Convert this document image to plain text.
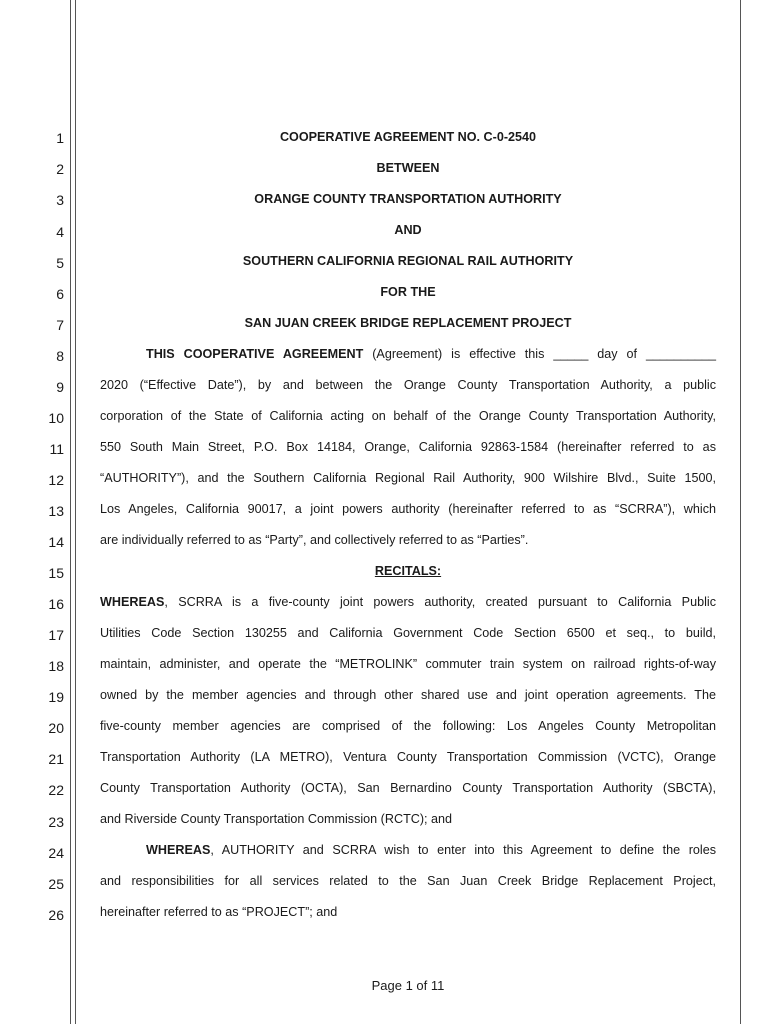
1
2
3
4
5
6
7
8
9
10
11
12
13
14
15
16
17
18
19
20
21
22
23
24
25
26
COOPERATIVE AGREEMENT NO. C-0-2540
BETWEEN
ORANGE COUNTY TRANSPORTATION AUTHORITY
AND
SOUTHERN CALIFORNIA REGIONAL RAIL AUTHORITY
FOR THE
SAN JUAN CREEK BRIDGE REPLACEMENT PROJECT
THIS COOPERATIVE AGREEMENT (Agreement) is effective this _____ day of __________
2020 (“Effective Date”), by and between the Orange County Transportation Authority, a public
corporation of the State of California acting on behalf of the Orange County Transportation Authority,
550 South Main Street, P.O. Box 14184, Orange, California 92863-1584 (hereinafter referred to as
“AUTHORITY”), and the Southern California Regional Rail Authority, 900 Wilshire Blvd., Suite 1500,
Los Angeles, California 90017, a joint powers authority (hereinafter referred to as “SCRRA”), which
are individually referred to as “Party”, and collectively referred to as “Parties”.
RECITALS:
WHEREAS, SCRRA is a five-county joint powers authority, created pursuant to California Public
Utilities Code Section 130255 and California Government Code Section 6500 et seq., to build,
maintain, administer, and operate the “METROLINK” commuter train system on railroad rights-of-way
owned by the member agencies and through other shared use and joint operation agreements. The
five-county member agencies are comprised of the following: Los Angeles County Metropolitan
Transportation Authority (LA METRO), Ventura County Transportation Commission (VCTC), Orange
County Transportation Authority (OCTA), San Bernardino County Transportation Authority (SBCTA),
and Riverside County Transportation Commission (RCTC); and
WHEREAS, AUTHORITY and SCRRA wish to enter into this Agreement to define the roles
and responsibilities for all services related to the San Juan Creek Bridge Replacement Project,
hereinafter referred to as “PROJECT”; and
Page 1 of 11
